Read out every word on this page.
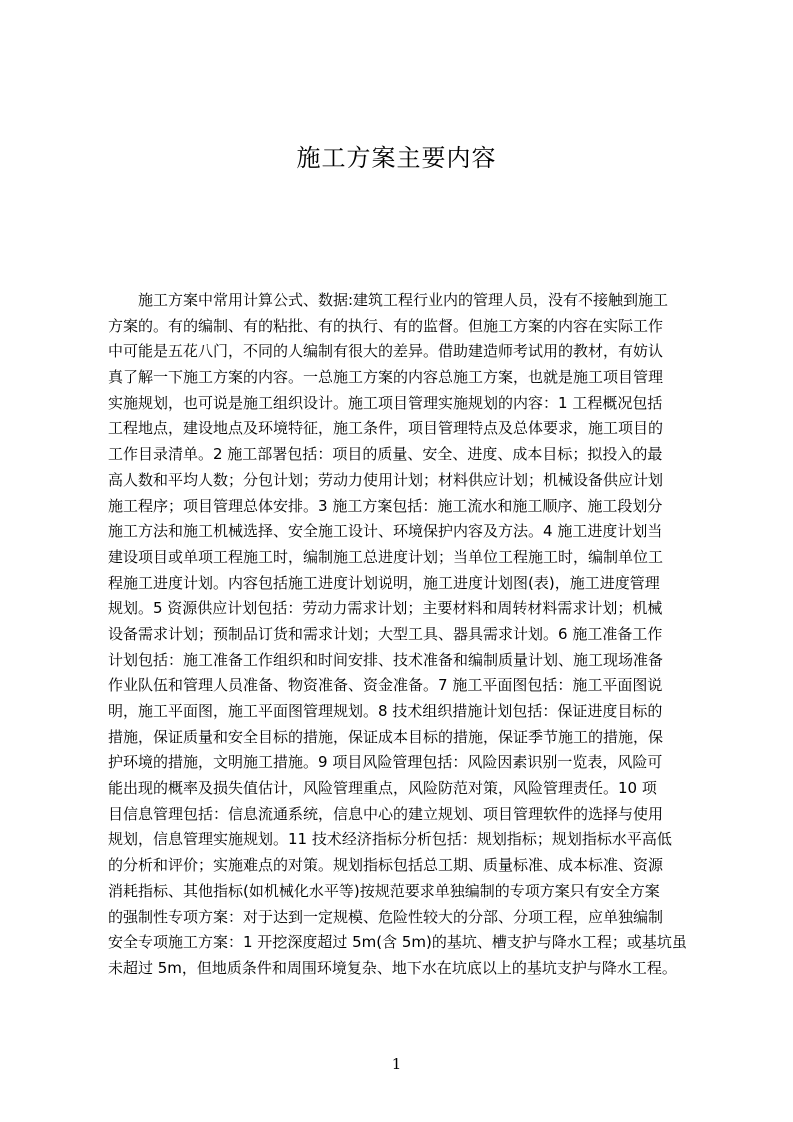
施工方案主要内容
施工方案中常用计算公式、数据:建筑工程行业内的管理人员，没有不接触到施工
方案的。有的编制、有的粘批、有的执行、有的监督。但施工方案的内容在实际工作
中可能是五花八门，不同的人编制有很大的差异。借助建造师考试用的教材，有妨认
真了解一下施工方案的内容。一总施工方案的内容总施工方案，也就是施工项目管理
实施规划，也可说是施工组织设计。施工项目管理实施规划的内容：1 工程概况包括
工程地点，建设地点及环境特征，施工条件，项目管理特点及总体要求，施工项目的
工作目录清单。2 施工部署包括：项目的质量、安全、进度、成本目标；拟投入的最
高人数和平均人数；分包计划；劳动力使用计划；材料供应计划；机械设备供应计划
施工程序；项目管理总体安排。3 施工方案包括：施工流水和施工顺序、施工段划分
施工方法和施工机械选择、安全施工设计、环境保护内容及方法。4 施工进度计划当
建设项目或单项工程施工时，编制施工总进度计划；当单位工程施工时，编制单位工
程施工进度计划。内容包括施工进度计划说明，施工进度计划图(表)，施工进度管理
规划。5 资源供应计划包括：劳动力需求计划；主要材料和周转材料需求计划；机械
设备需求计划；预制品订货和需求计划；大型工具、器具需求计划。6 施工准备工作
计划包括：施工准备工作组织和时间安排、技术准备和编制质量计划、施工现场准备
作业队伍和管理人员准备、物资准备、资金准备。7 施工平面图包括：施工平面图说
明，施工平面图，施工平面图管理规划。8 技术组织措施计划包括：保证进度目标的
措施，保证质量和安全目标的措施，保证成本目标的措施，保证季节施工的措施，保
护环境的措施，文明施工措施。9 项目风险管理包括：风险因素识别一览表，风险可
能出现的概率及损失值估计，风险管理重点，风险防范对策，风险管理责任。10 项
目信息管理包括：信息流通系统，信息中心的建立规划、项目管理软件的选择与使用
规划，信息管理实施规划。11 技术经济指标分析包括：规划指标；规划指标水平高低
的分析和评价；实施难点的对策。规划指标包括总工期、质量标准、成本标准、资源
消耗指标、其他指标(如机械化水平等)按规范要求单独编制的专项方案只有安全方案
的强制性专项方案：对于达到一定规模、危险性较大的分部、分项工程，应单独编制
安全专项施工方案：1 开挖深度超过 5m(含 5m)的基坑、槽支护与降水工程；或基坑虽
未超过 5m，但地质条件和周围环境复杂、地下水在坑底以上的基坑支护与降水工程。
1
